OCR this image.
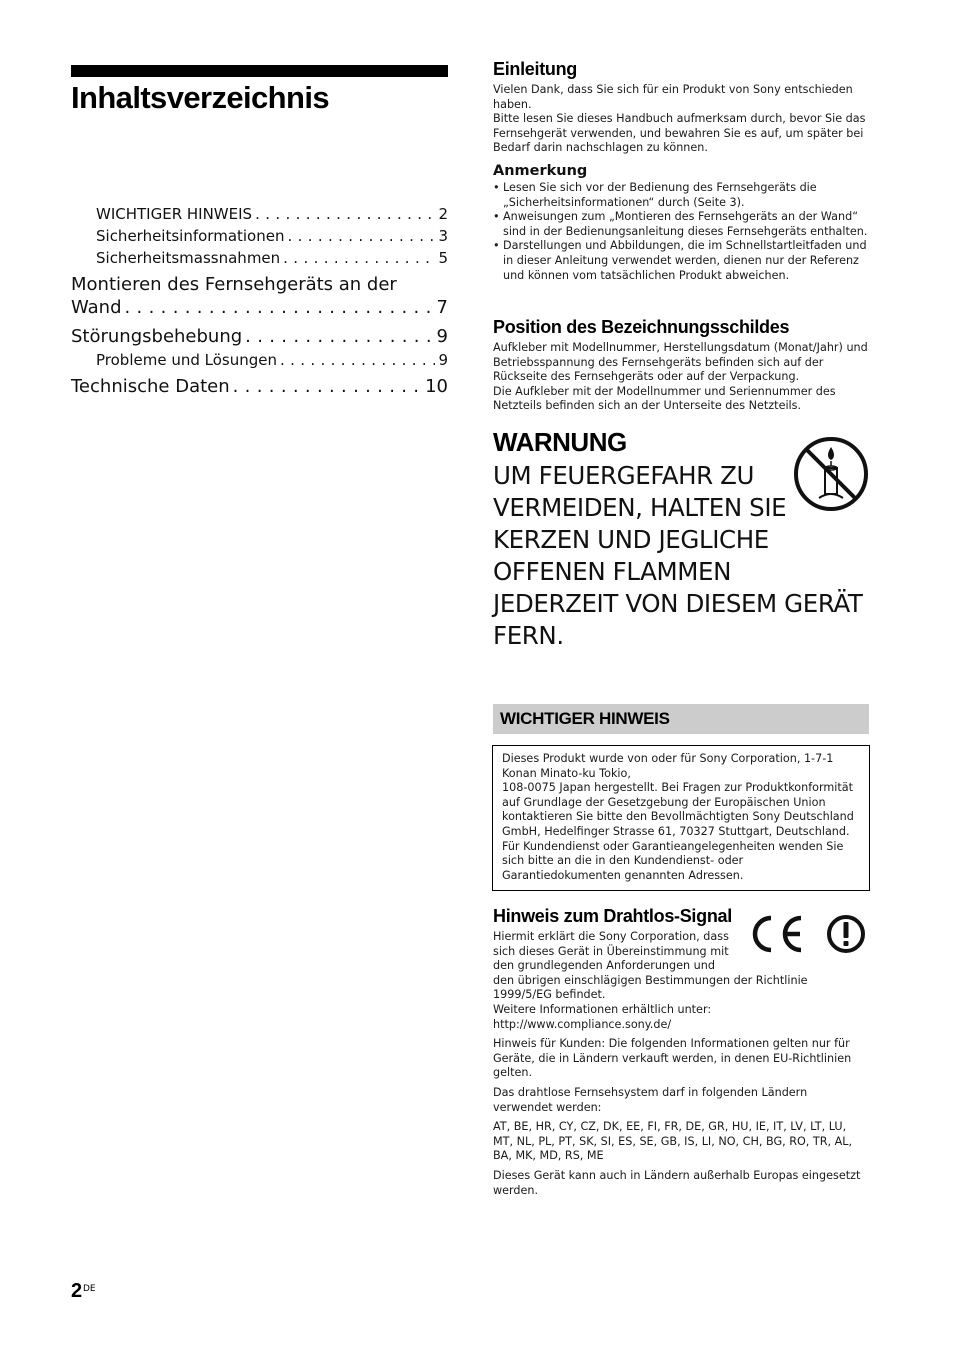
Inhaltsverzeichnis
WICHTIGER HINWEIS . . .	2
Sicherheitsinformationen . . .	3
Sicherheitsmassnahmen . . .	5
Montieren des Fernsehgeräts an der
Wand . . .	7
Störungsbehebung . . .	9
Probleme und Lösungen . . .	9
Technische Daten . . .	10
Einleitung

Vielen Dank, dass Sie sich für ein Produkt von Sony entschieden haben.

Bitte lesen Sie dieses Handbuch aufmerksam durch, bevor Sie das Fernsehgerät verwenden, und bewahren Sie es auf, um später bei Bedarf darin nachschlagen zu können.

Anmerkung
• Lesen Sie sich vor der Bedienung des Fernsehgeräts die „Sicherheitsinformationen“ durch (Seite 3).
• Anweisungen zum „Montieren des Fernsehgeräts an der Wand“ sind in der Bedienungsanleitung dieses Fernsehgeräts enthalten.
• Darstellungen und Abbildungen, die im Schnellstartleitfaden und in dieser Anleitung verwendet werden, dienen nur der Referenz und können vom tatsächlichen Produkt abweichen.
Position des Bezeichnungsschildes

Aufkleber mit Modellnummer, Herstellungsdatum (Monat/Jahr) und Betriebsspannung des Fernsehgeräts befinden sich auf der Rückseite des Fernsehgeräts oder auf der Verpackung.

Die Aufkleber mit der Modellnummer und Seriennummer des Netzteils befinden sich an der Unterseite des Netzteils.

WARNUNG

UM FEUERGEFAHR ZU VERMEIDEN, HALTEN SIE KERZEN UND JEGLICHE OFFENEN FLAMMEN JEDERZEIT VON DIESEM GERÄT FERN.

WICHTIGER HINWEIS

Dieses Produkt wurde von oder für Sony Corporation, 1-7-1 Konan Minato-ku Tokio,

108-0075 Japan hergestellt. Bei Fragen zur Produktkonformität auf Grundlage der Gesetzgebung der Europäischen Union kontaktieren Sie bitte den Bevollmächtigten Sony Deutschland GmbH, Hedelfinger Strasse 61, 70327 Stuttgart, Deutschland.

Für Kundendienst oder Garantieangelegenheiten wenden Sie sich bitte an die in den Kundendienst- oder Garantiedokumenten genannten Adressen.

Hinweis zum Drahtlos-Signal
Hiermit erklärt die Sony Corporation, dass
sich dieses Gerät in Übereinstimmung mit
den grundlegenden Anforderungen und
den übrigen einschlägigen Bestimmungen der Richtlinie 1999/5/EG befindet.
Weitere Informationen erhältlich unter:
http://www.compliance.sony.de/

Hinweis für Kunden: Die folgenden Informationen gelten nur für Geräte, die in Ländern verkauft werden, in denen EU-Richtlinien gelten.

Das drahtlose Fernsehsystem darf in folgenden Ländern verwendet werden:

AT, BE, HR, CY, CZ, DK, EE, FI, FR, DE, GR, HU, IE, IT, LV, LT, LU, MT, NL, PL, PT, SK, SI, ES, SE, GB, IS, LI, NO, CH, BG, RO, TR, AL, BA, MK, MD, RS, ME

Dieses Gerät kann auch in Ländern außerhalb Europas eingesetzt werden.

2 DE
